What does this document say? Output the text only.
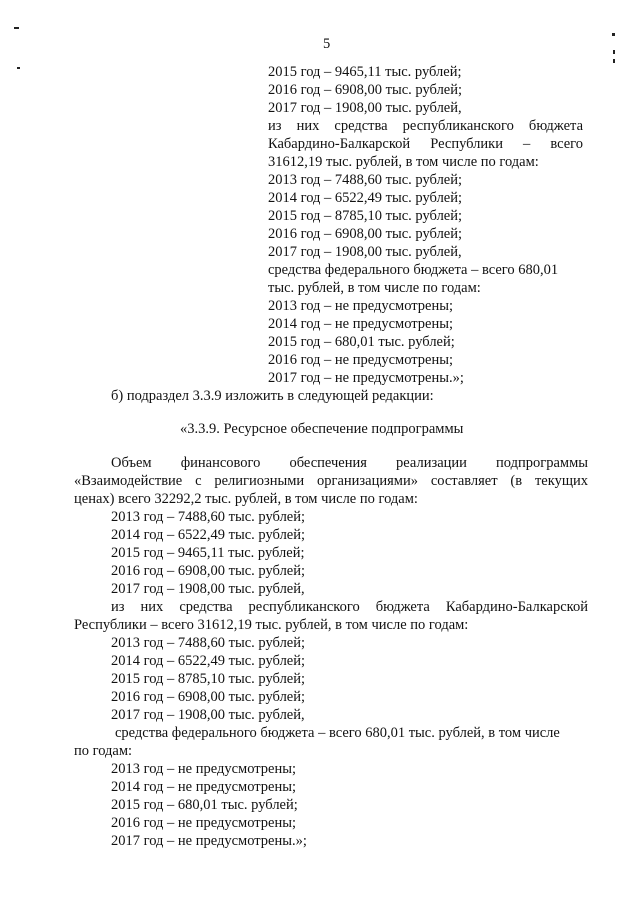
5
2015 год – 9465,11 тыс. рублей;
2016 год – 6908,00 тыс. рублей;
2017 год – 1908,00 тыс. рублей,
из них средства республиканского бюджета
Кабардино-Балкарской Республики – всего
31612,19 тыс. рублей, в том числе по годам:
2013 год – 7488,60 тыс. рублей;
2014 год – 6522,49 тыс. рублей;
2015 год – 8785,10 тыс. рублей;
2016 год – 6908,00 тыс. рублей;
2017 год – 1908,00 тыс. рублей,
средства федерального бюджета – всего 680,01
тыс. рублей, в том числе по годам:
2013 год – не предусмотрены;
2014 год – не предусмотрены;
2015 год – 680,01 тыс. рублей;
2016 год – не предусмотрены;
2017 год – не предусмотрены.»;
б) подраздел 3.3.9 изложить в следующей редакции:
«3.3.9. Ресурсное обеспечение подпрограммы
Объем финансового обеспечения реализации подпрограммы
«Взаимодействие с религиозными организациями» составляет (в текущих
ценах) всего 32292,2 тыс. рублей, в том числе по годам:
2013 год – 7488,60 тыс. рублей;
2014 год – 6522,49 тыс. рублей;
2015 год – 9465,11 тыс. рублей;
2016 год – 6908,00 тыс. рублей;
2017 год – 1908,00 тыс. рублей,
из них средства республиканского бюджета Кабардино-Балкарской
Республики – всего 31612,19 тыс. рублей, в том числе по годам:
2013 год – 7488,60 тыс. рублей;
2014 год – 6522,49 тыс. рублей;
2015 год – 8785,10 тыс. рублей;
2016 год – 6908,00 тыс. рублей;
2017 год – 1908,00 тыс. рублей,
средства федерального бюджета – всего 680,01 тыс. рублей, в том числе
по годам:
2013 год – не предусмотрены;
2014 год – не предусмотрены;
2015 год – 680,01 тыс. рублей;
2016 год – не предусмотрены;
2017 год – не предусмотрены.»;
